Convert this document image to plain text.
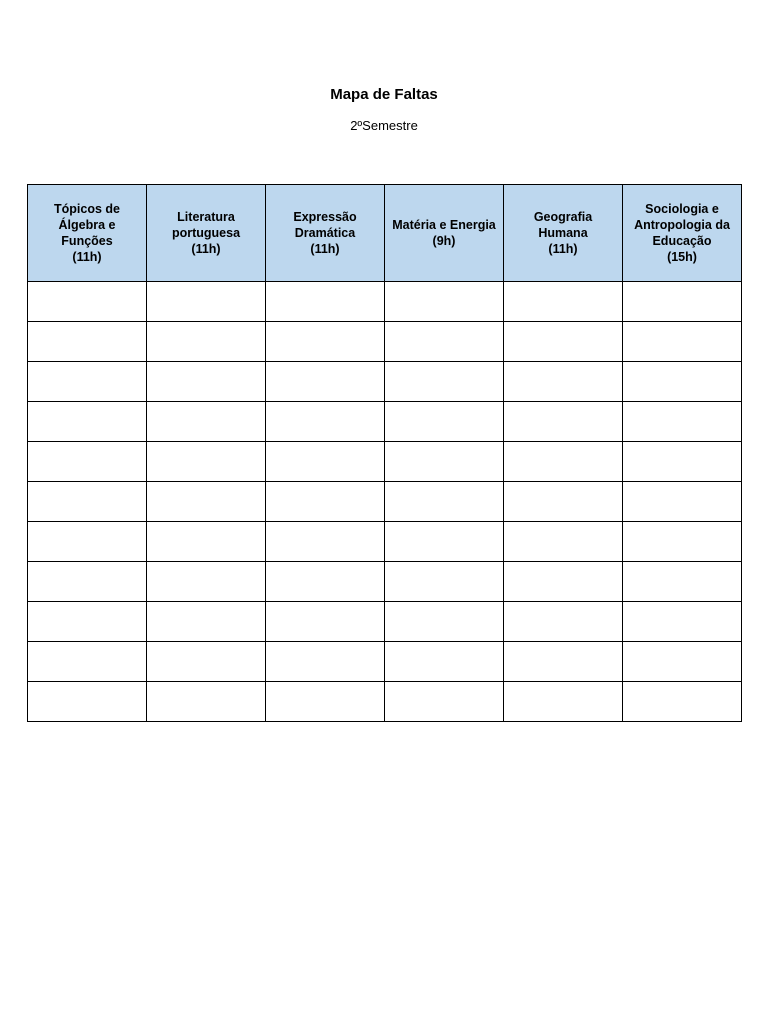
Mapa de Faltas
2ºSemestre
Tópicos de
Álgebra e
Funções
(11h)	Literatura
portuguesa
(11h)	Expressão
Dramática
(11h)	Matéria e Energia
(9h)	Geografia
Humana
(11h)	Sociologia e
Antropologia da
Educação
(15h)
